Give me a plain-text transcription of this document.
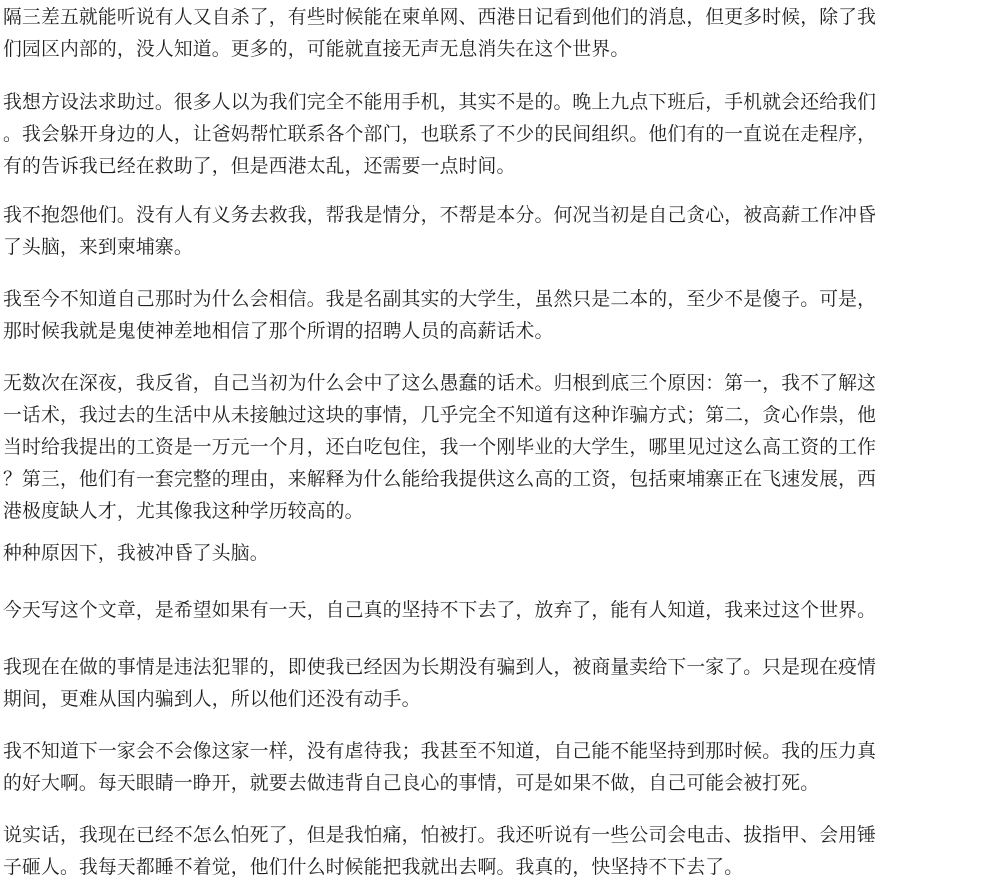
隔三差五就能听说有人又自杀了，有些时候能在柬单网、西港日记看到他们的消息，但更多时候，除了我
们园区内部的，没人知道。更多的，可能就直接无声无息消失在这个世界。
我想方设法求助过。很多人以为我们完全不能用手机，其实不是的。晚上九点下班后，手机就会还给我们
。我会躲开身边的人，让爸妈帮忙联系各个部门，也联系了不少的民间组织。他们有的一直说在走程序，
有的告诉我已经在救助了，但是西港太乱，还需要一点时间。
我不抱怨他们。没有人有义务去救我，帮我是情分，不帮是本分。何况当初是自己贪心，被高薪工作冲昏
了头脑，来到柬埔寨。
我至今不知道自己那时为什么会相信。我是名副其实的大学生，虽然只是二本的，至少不是傻子。可是，
那时候我就是鬼使神差地相信了那个所谓的招聘人员的高薪话术。
无数次在深夜，我反省，自己当初为什么会中了这么愚蠢的话术。归根到底三个原因：第一，我不了解这
一话术，我过去的生活中从未接触过这块的事情，几乎完全不知道有这种诈骗方式；第二，贪心作祟，他
当时给我提出的工资是一万元一个月，还白吃包住，我一个刚毕业的大学生，哪里见过这么高工资的工作
？第三，他们有一套完整的理由，来解释为什么能给我提供这么高的工资，包括柬埔寨正在飞速发展，西
港极度缺人才，尤其像我这种学历较高的。
种种原因下，我被冲昏了头脑。
今天写这个文章，是希望如果有一天，自己真的坚持不下去了，放弃了，能有人知道，我来过这个世界。
我现在在做的事情是违法犯罪的，即使我已经因为长期没有骗到人，被商量卖给下一家了。只是现在疫情
期间，更难从国内骗到人，所以他们还没有动手。
我不知道下一家会不会像这家一样，没有虐待我；我甚至不知道，自己能不能坚持到那时候。我的压力真
的好大啊。每天眼睛一睁开，就要去做违背自己良心的事情，可是如果不做，自己可能会被打死。
说实话，我现在已经不怎么怕死了，但是我怕痛，怕被打。我还听说有一些公司会电击、拔指甲、会用锤
子砸人。我每天都睡不着觉，他们什么时候能把我就出去啊。我真的，快坚持不下去了。
